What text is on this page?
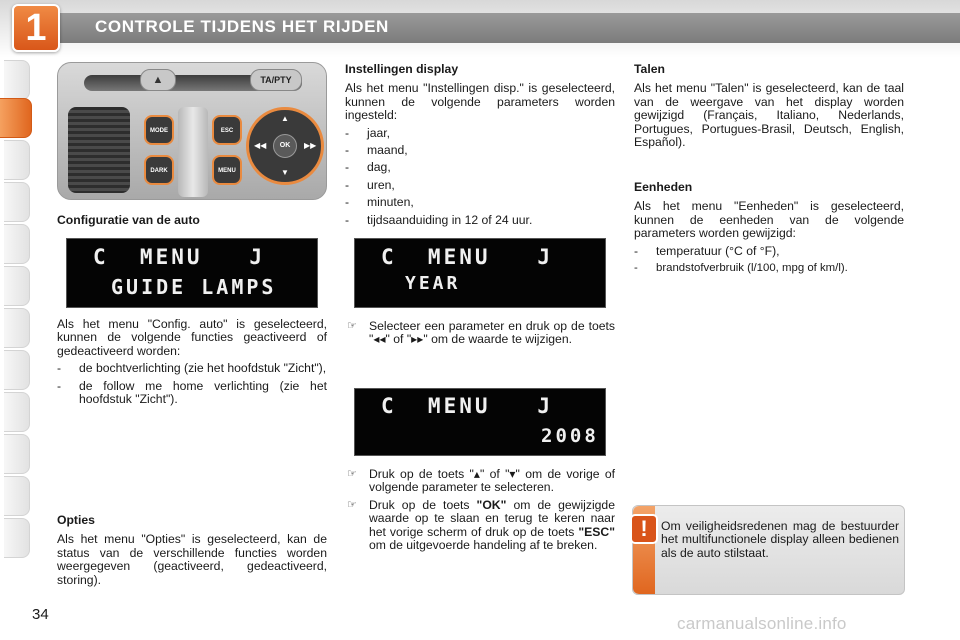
1	CONTROLE TIJDENS HET RIJDEN
▲	TA/PTY
MODE
DARK
ESC
MENU
▲
▼
◀◀	▶▶
OK
Configuratie van de auto
C  MENU   J
GUIDE LAMPS

Als het menu "Config. auto" is geselecteerd, kunnen de volgende functies geactiveerd of gedeactiveerd worden:

- de bochtverlichting (zie het hoofdstuk "Zicht"),
- de follow me home verlichting (zie het hoofdstuk "Zicht").
Opties

Als het menu "Opties" is geselecteerd, kan de status van de verschillende functies worden weergegeven (geactiveerd, gedeactiveerd, storing).

Instellingen display

Als het menu "Instellingen disp." is geselecteerd, kunnen de volgende parameters worden ingesteld:

- jaar,
- maand,
- dag,
- uren,
- minuten,
- tijdsaanduiding in 12 of 24 uur.
C  MENU   J
YEAR
☞ Selecteer een parameter en druk op de toets "◂◂" of "▸▸" om de waarde te wijzigen.
C  MENU   J
2008
☞ Druk op de toets "▴" of "▾" om de vorige of volgende parameter te selecteren.
☞ Druk op de toets "OK" om de gewijzigde waarde op te slaan en terug te keren naar het vorige scherm of druk op de toets "ESC" om de uitgevoerde handeling af te breken.
Talen

Als het menu "Talen" is geselecteerd, kan de taal van de weergave van het display worden gewijzigd (Français, Italiano, Nederlands, Portugues, Portugues-Brasil, Deutsch, English, Español).

Eenheden

Als het menu "Eenheden" is geselecteerd, kunnen de eenheden van de volgende parameters worden gewijzigd:

- temperatuur (°C of °F),
- brandstofverbruik (l/100, mpg of km/l).
!	Om veiligheidsredenen mag de bestuurder het multifunctionele display alleen bedienen als de auto stilstaat.
34	carmanualsonline.info
